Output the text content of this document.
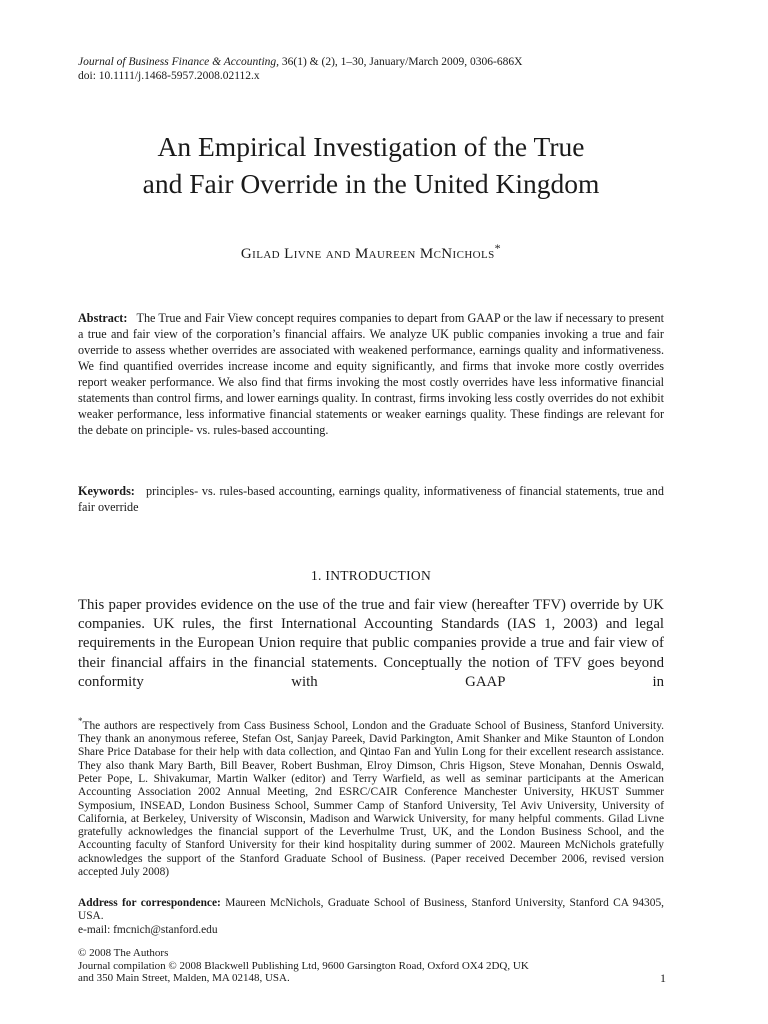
Journal of Business Finance & Accounting, 36(1) & (2), 1–30, January/March 2009, 0306-686X
doi: 10.1111/j.1468-5957.2008.02112.x
An Empirical Investigation of the True
and Fair Override in the United Kingdom
Gilad Livne and Maureen McNichols*
Abstract: The True and Fair View concept requires companies to depart from GAAP or the law if necessary to present a true and fair view of the corporation’s financial affairs. We analyze UK public companies invoking a true and fair override to assess whether overrides are associated with weakened performance, earnings quality and informativeness. We find quantified overrides increase income and equity significantly, and firms that invoke more costly overrides report weaker performance. We also find that firms invoking the most costly overrides have less informative financial statements than control firms, and lower earnings quality. In contrast, firms invoking less costly overrides do not exhibit weaker performance, less informative financial statements or weaker earnings quality. These findings are relevant for the debate on principle- vs. rules-based accounting.
Keywords: principles- vs. rules-based accounting, earnings quality, informativeness of financial statements, true and fair override
1. INTRODUCTION
This paper provides evidence on the use of the true and fair view (hereafter TFV) override by UK companies. UK rules, the first International Accounting Standards (IAS 1, 2003) and legal requirements in the European Union require that public companies provide a true and fair view of their financial affairs in the financial statements. Conceptually the notion of TFV goes beyond conformity with GAAP in
*The authors are respectively from Cass Business School, London and the Graduate School of Business, Stanford University. They thank an anonymous referee, Stefan Ost, Sanjay Pareek, David Parkington, Amit Shanker and Mike Staunton of London Share Price Database for their help with data collection, and Qintao Fan and Yulin Long for their excellent research assistance. They also thank Mary Barth, Bill Beaver, Robert Bushman, Elroy Dimson, Chris Higson, Steve Monahan, Dennis Oswald, Peter Pope, L. Shivakumar, Martin Walker (editor) and Terry Warfield, as well as seminar participants at the American Accounting Association 2002 Annual Meeting, 2nd ESRC/CAIR Conference Manchester University, HKUST Summer Symposium, INSEAD, London Business School, Summer Camp of Stanford University, Tel Aviv University, University of California, at Berkeley, University of Wisconsin, Madison and Warwick University, for many helpful comments. Gilad Livne gratefully acknowledges the financial support of the Leverhulme Trust, UK, and the London Business School, and the Accounting faculty of Stanford University for their kind hospitality during summer of 2002. Maureen McNichols gratefully acknowledges the support of the Stanford Graduate School of Business. (Paper received December 2006, revised version accepted July 2008)
Address for correspondence: Maureen McNichols, Graduate School of Business, Stanford University, Stanford CA 94305, USA.
e-mail: fmcnich@stanford.edu
© 2008 The Authors
Journal compilation © 2008 Blackwell Publishing Ltd, 9600 Garsington Road, Oxford OX4 2DQ, UK
and 350 Main Street, Malden, MA 02148, USA.	1
